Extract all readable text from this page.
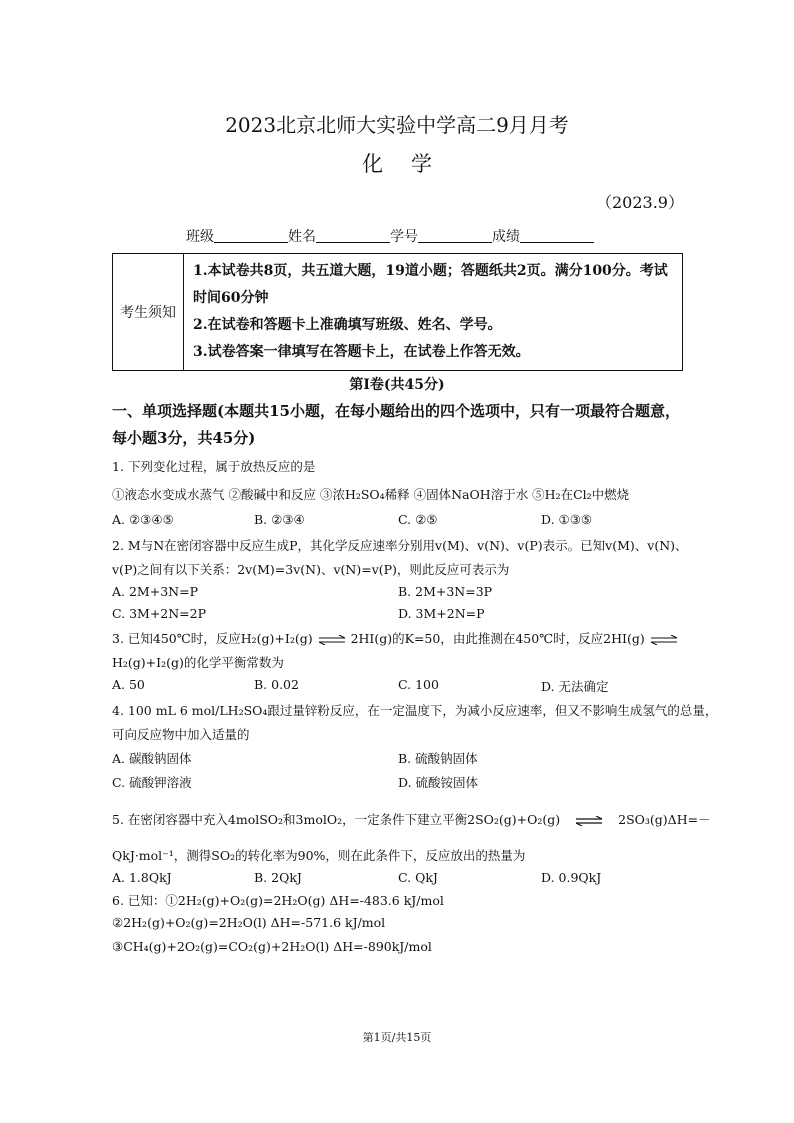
2023北京北师大实验中学高二9月月考
化学
（2023.9）
班级	姓名	学号	成绩
考生须知
1.本试卷共8页，共五道大题，19道小题；答题纸共2页。满分100分。考试时间60分钟
2.在试卷和答题卡上准确填写班级、姓名、学号。
3.试卷答案一律填写在答题卡上，在试卷上作答无效。
第Ⅰ卷(共45分)
一、单项选择题(本题共15小题，在每小题给出的四个选项中，只有一项最符合题意，每小题3分，共45分)
1. 下列变化过程，属于放热反应的是
①液态水变成水蒸气 ②酸碱中和反应 ③浓H₂SO₄稀释 ④固体NaOH溶于水 ⑤H₂在Cl₂中燃烧
A. ②③④⑤	B. ②③④	C. ②⑤	D. ①③⑤
2. M与N在密闭容器中反应生成P，其化学反应速率分别用v(M)、v(N)、v(P)表示。已知v(M)、v(N)、
v(P)之间有以下关系：2v(M)=3v(N)、v(N)=v(P)，则此反应可表示为
A. 2M+3N=P	B. 2M+3N=3P
C. 3M+2N=2P	D. 3M+2N=P
3. 已知450℃时，反应H₂(g)+I₂(g) ⇌ 2HI(g)的K=50，由此推测在450℃时，反应2HI(g) ⇌
H₂(g)+I₂(g)的化学平衡常数为
A. 50	B. 0.02	C. 100	D. 无法确定
4. 100 mL 6 mol/LH₂SO₄跟过量锌粉反应，在一定温度下，为减小反应速率，但又不影响生成氢气的总量，
可向反应物中加入适量的
A. 碳酸钠固体	B. 硫酸钠固体
C. 硫酸钾溶液	D. 硫酸铵固体
5. 在密闭容器中充入4molSO₂和3molO₂，一定条件下建立平衡2SO₂(g)+O₂(g) ⇌ 2SO₃(g)ΔH=－
QkJ·mol⁻¹，测得SO₂的转化率为90%，则在此条件下，反应放出的热量为
A. 1.8QkJ	B. 2QkJ	C. QkJ	D. 0.9QkJ
6. 已知：①2H₂(g)+O₂(g)=2H₂O(g) ΔH=-483.6 kJ/mol
②2H₂(g)+O₂(g)=2H₂O(l) ΔH=-571.6 kJ/mol
③CH₄(g)+2O₂(g)=CO₂(g)+2H₂O(l) ΔH=-890kJ/mol
第1页/共15页
